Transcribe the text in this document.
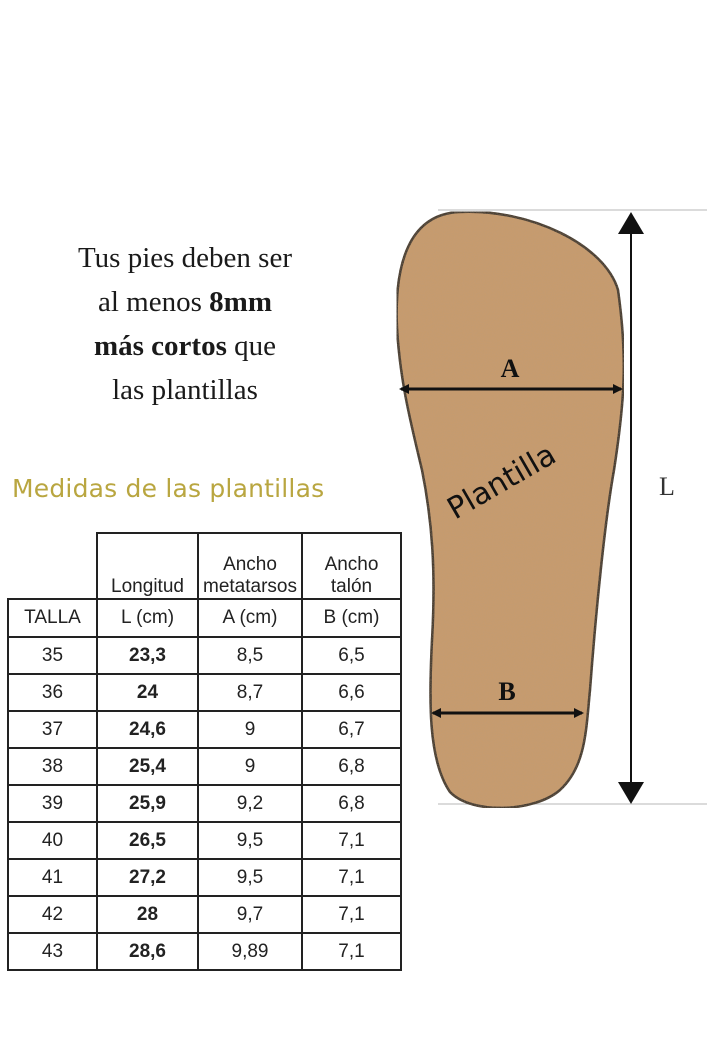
Tus pies deben ser
al menos 8mm
más cortos que
las plantillas
Medidas de las plantillas
	Longitud	Ancho metatarsos	Ancho talón
TALLA	L (cm)	A (cm)	B (cm)
35	23,3	8,5	6,5
36	24	8,7	6,6
37	24,6	9	6,7
38	25,4	9	6,8
39	25,9	9,2	6,8
40	26,5	9,5	7,1
41	27,2	9,5	7,1
42	28	9,7	7,1
43	28,6	9,89	7,1
A
B
Plantilla	L
